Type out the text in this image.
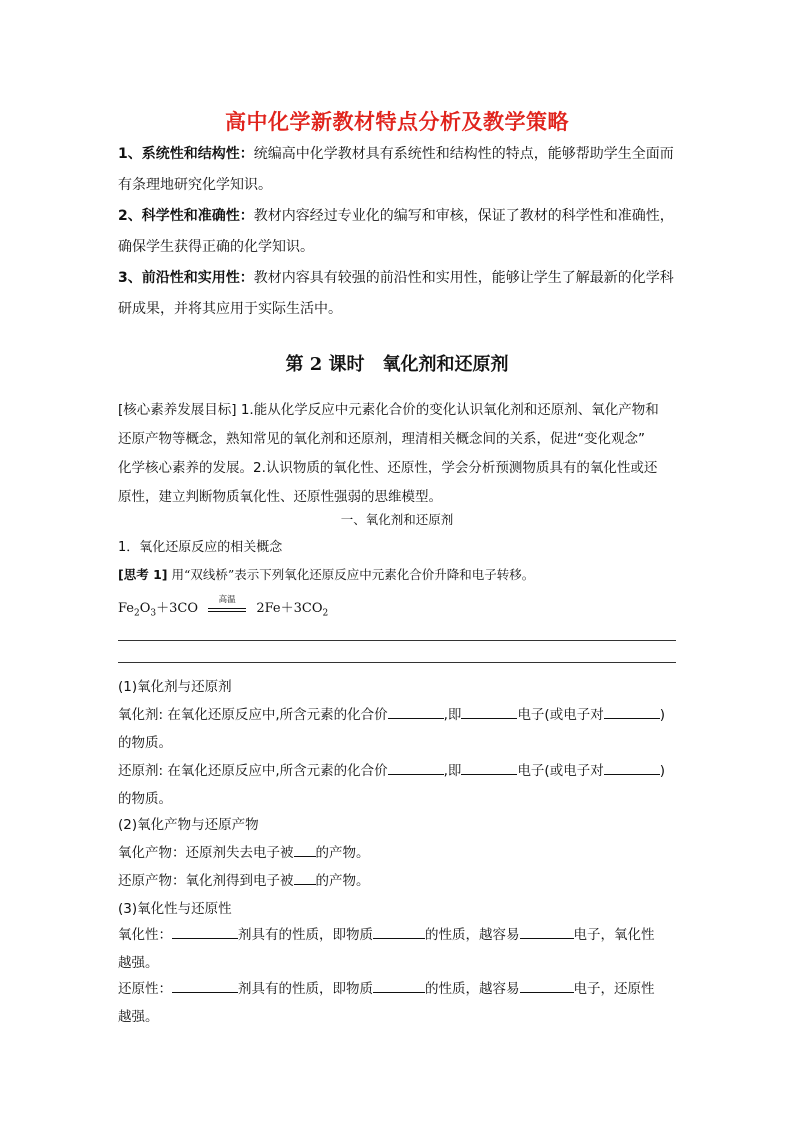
高中化学新教材特点分析及教学策略
1、系统性和结构性：统编高中化学教材具有系统性和结构性的特点，能够帮助学生全面而
有条理地研究化学知识。
2、科学性和准确性：教材内容经过专业化的编写和审核，保证了教材的科学性和准确性，
确保学生获得正确的化学知识。
3、前沿性和实用性：教材内容具有较强的前沿性和实用性，能够让学生了解最新的化学科
研成果，并将其应用于实际生活中。
第 2 课时 氧化剂和还原剂
[核心素养发展目标] 1.能从化学反应中元素化合价的变化认识氧化剂和还原剂、氧化产物和
还原产物等概念，熟知常见的氧化剂和还原剂，理清相关概念间的关系，促进“变化观念”
化学核心素养的发展。2.认识物质的氧化性、还原性，学会分析预测物质具有的氧化性或还
原性，建立判断物质氧化性、还原性强弱的思维模型。
一、氧化剂和还原剂
1．氧化还原反应的相关概念
[思考 1] 用“双线桥”表示下列氧化还原反应中元素化合价升降和电子转移。
$Fe_2O_3+3CO$
高温
$2Fe+3CO_2$
(1)氧化剂与还原剂
氧化剂: 在氧化还原反应中,所含元素的化合价	,即	电子(或电子对	)
的物质。
还原剂: 在氧化还原反应中,所含元素的化合价	,即	电子(或电子对	)
的物质。
(2)氧化产物与还原产物
氧化产物：还原剂失去电子被 的产物。
还原产物：氧化剂得到电子被 的产物。
(3)氧化性与还原性
氧化性：	剂具有的性质，即物质	的性质，越容易	电子，氧化性
越强。
还原性：	剂具有的性质，即物质	的性质，越容易	电子，还原性
越强。
